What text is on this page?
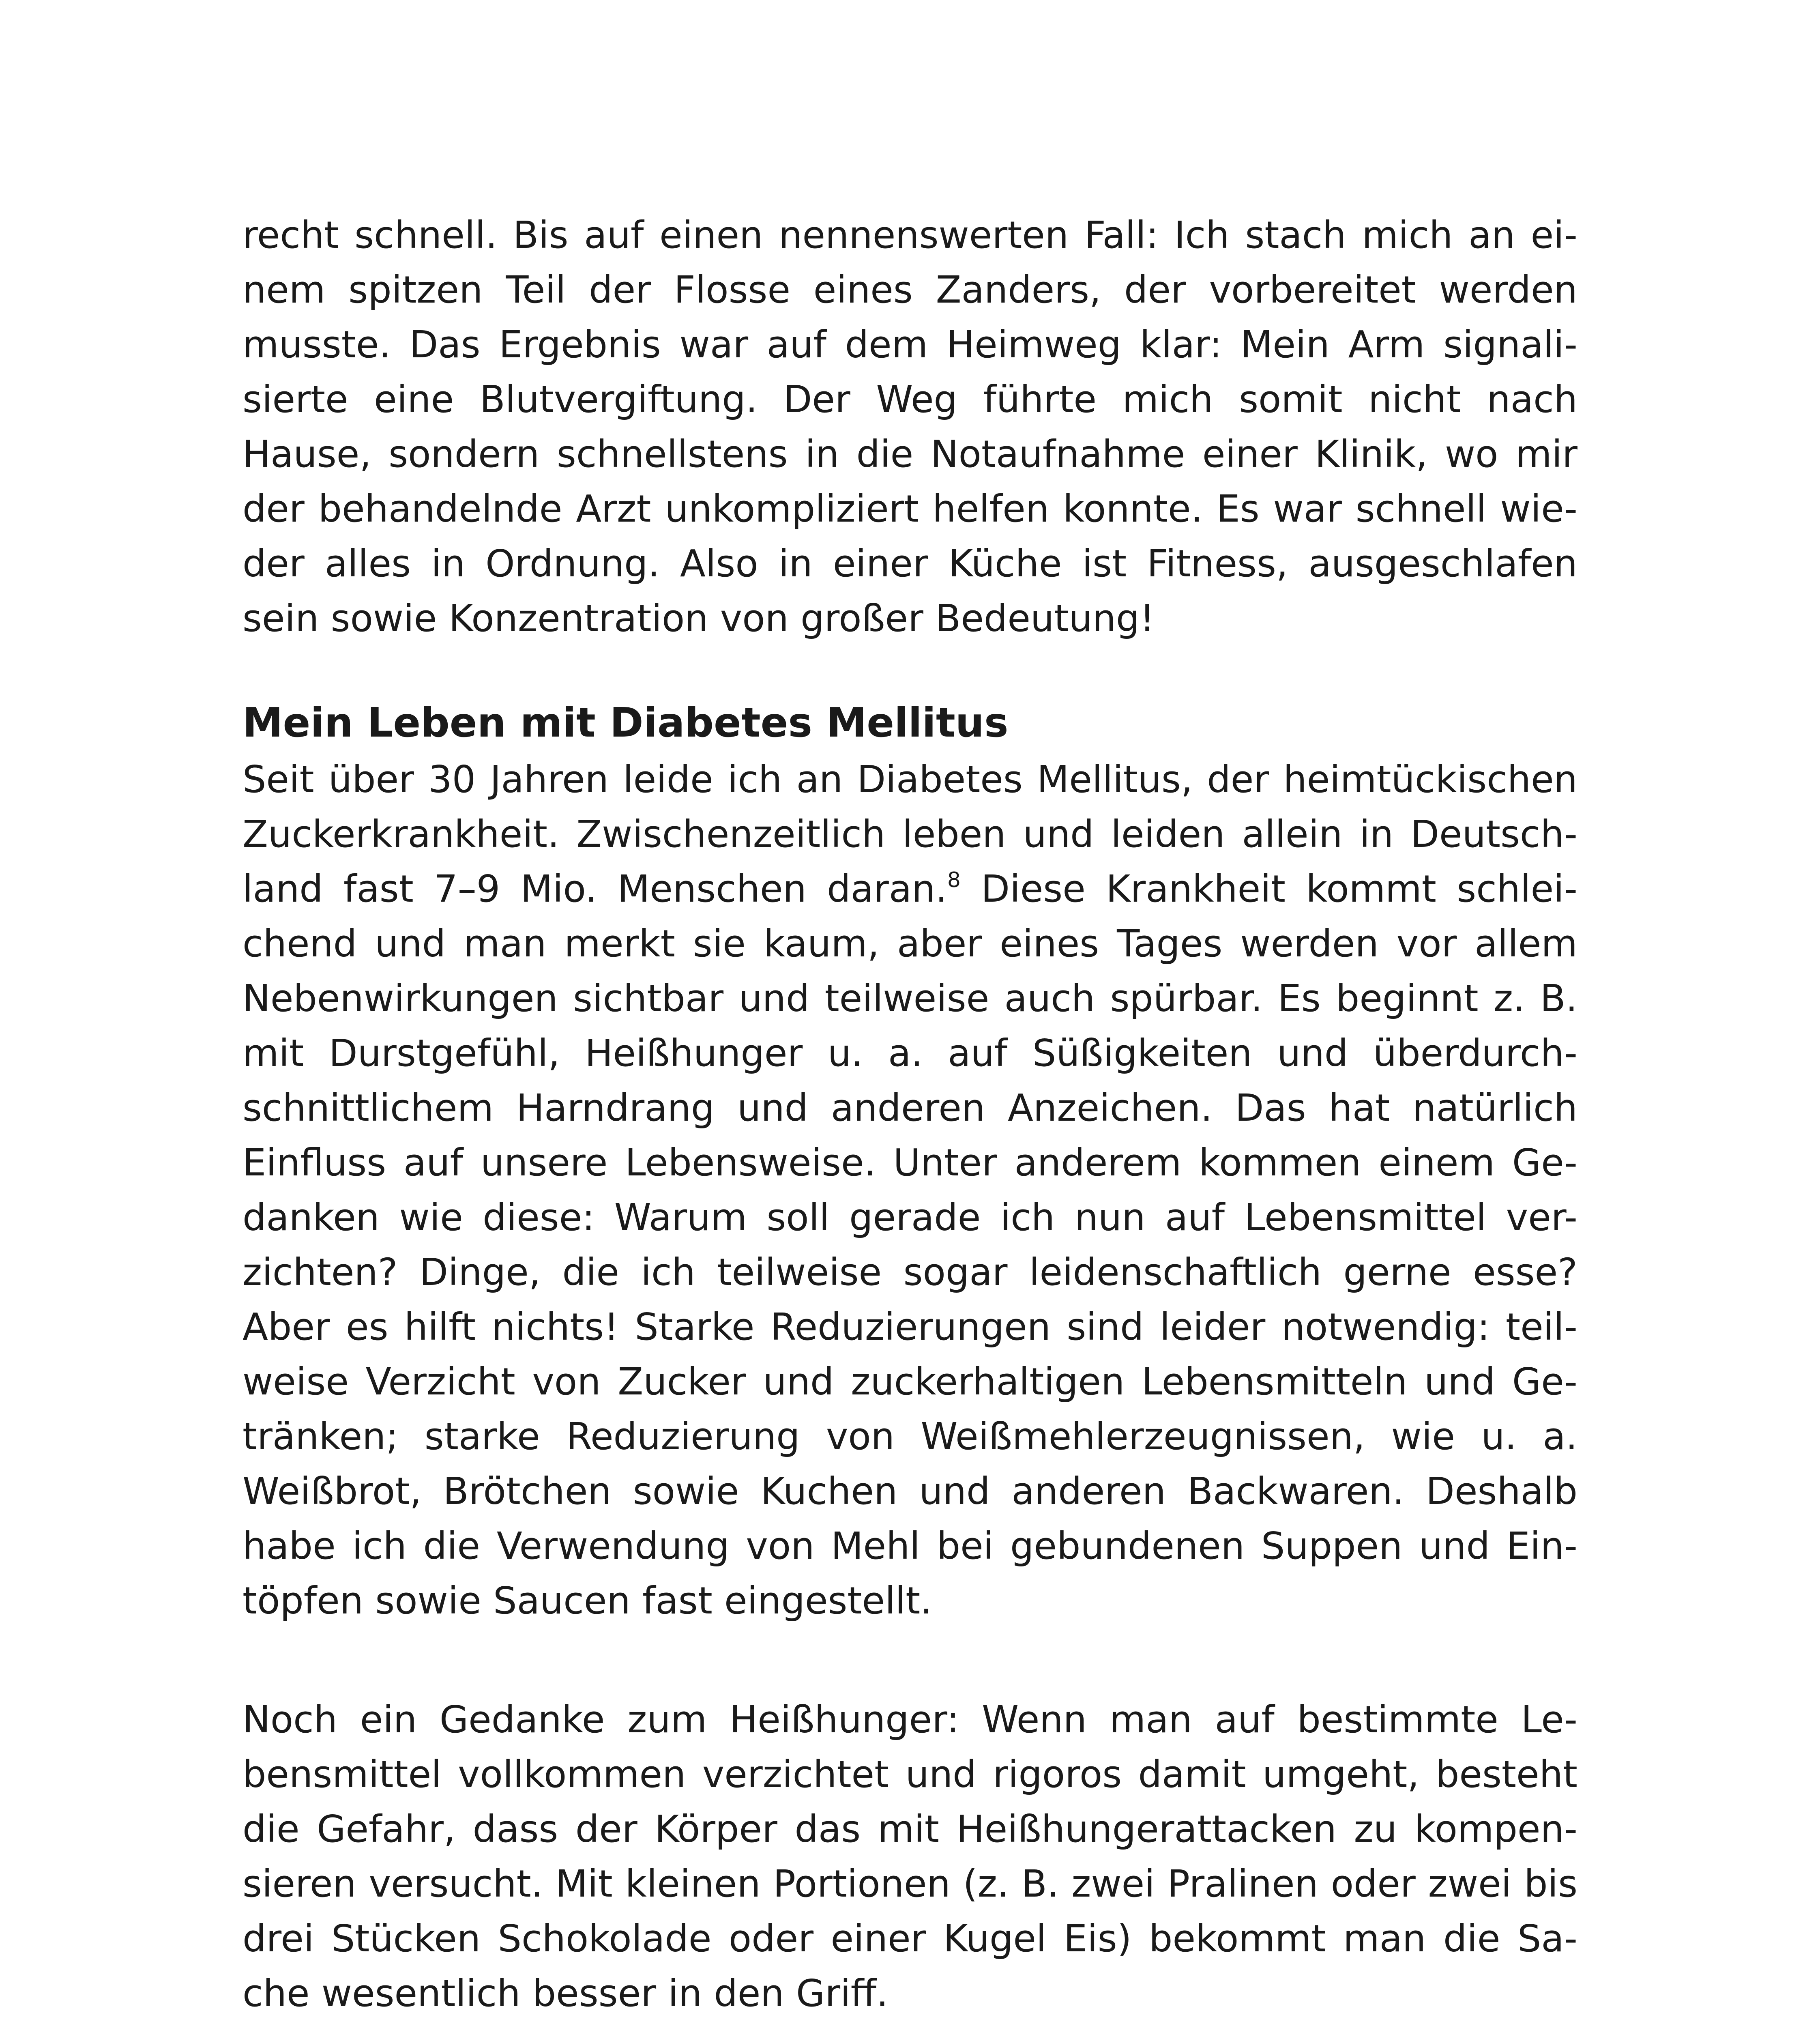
recht schnell. Bis auf einen nennenswerten Fall: Ich stach mich an ei-
nem spitzen Teil der Flosse eines Zanders, der vorbereitet werden
musste. Das Ergebnis war auf dem Heimweg klar: Mein Arm signali-
sierte eine Blutvergiftung. Der Weg führte mich somit nicht nach
Hause, sondern schnellstens in die Notaufnahme einer Klinik, wo mir
der behandelnde Arzt unkompliziert helfen konnte. Es war schnell wie-
der alles in Ordnung. Also in einer Küche ist Fitness, ausgeschlafen
sein sowie Konzentration von großer Bedeutung!
Mein Leben mit Diabetes Mellitus
Seit über 30 Jahren leide ich an Diabetes Mellitus, der heimtückischen
Zuckerkrankheit. Zwischenzeitlich leben und leiden allein in Deutsch-
land fast 7–9 Mio. Menschen daran.$^8$ Diese Krankheit kommt schlei-
chend und man merkt sie kaum, aber eines Tages werden vor allem
Nebenwirkungen sichtbar und teilweise auch spürbar. Es beginnt z. B.
mit Durstgefühl, Heißhunger u. a. auf Süßigkeiten und überdurch-
schnittlichem Harndrang und anderen Anzeichen. Das hat natürlich
Einfluss auf unsere Lebensweise. Unter anderem kommen einem Ge-
danken wie diese: Warum soll gerade ich nun auf Lebensmittel ver-
zichten? Dinge, die ich teilweise sogar leidenschaftlich gerne esse?
Aber es hilft nichts! Starke Reduzierungen sind leider notwendig: teil-
weise Verzicht von Zucker und zuckerhaltigen Lebensmitteln und Ge-
tränken; starke Reduzierung von Weißmehlerzeugnissen, wie u. a.
Weißbrot, Brötchen sowie Kuchen und anderen Backwaren. Deshalb
habe ich die Verwendung von Mehl bei gebundenen Suppen und Ein-
töpfen sowie Saucen fast eingestellt.
Noch ein Gedanke zum Heißhunger: Wenn man auf bestimmte Le-
bensmittel vollkommen verzichtet und rigoros damit umgeht, besteht
die Gefahr, dass der Körper das mit Heißhungerattacken zu kompen-
sieren versucht. Mit kleinen Portionen (z. B. zwei Pralinen oder zwei bis
drei Stücken Schokolade oder einer Kugel Eis) bekommt man die Sa-
che wesentlich besser in den Griff.
